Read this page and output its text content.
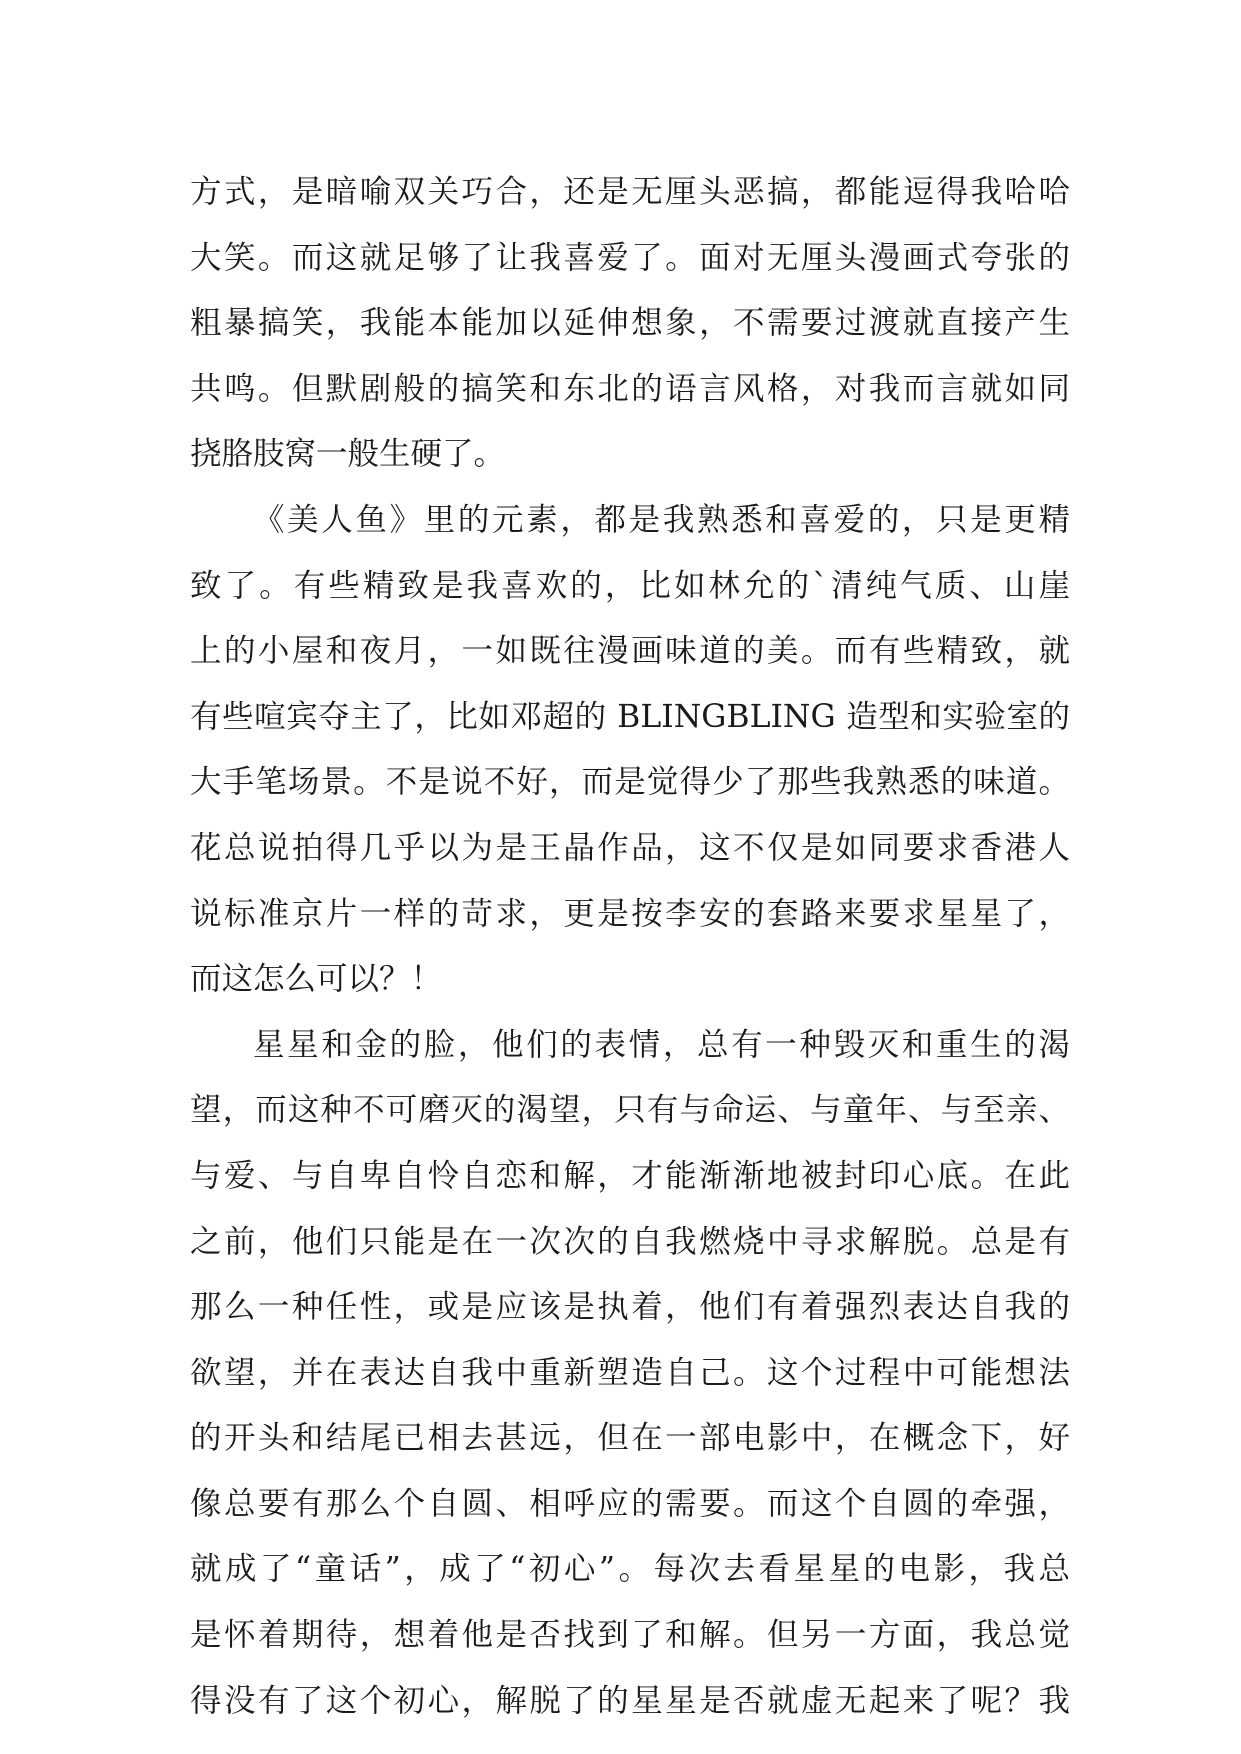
方式，是暗喻双关巧合，还是无厘头恶搞，都能逗得我哈哈
大笑。而这就足够了让我喜爱了。面对无厘头漫画式夸张的
粗暴搞笑，我能本能加以延伸想象，不需要过渡就直接产生
共鸣。但默剧般的搞笑和东北的语言风格，对我而言就如同
挠胳肢窝一般生硬了。
《美人鱼》里的元素，都是我熟悉和喜爱的，只是更精
致了。有些精致是我喜欢的，比如林允的`清纯气质、山崖
上的小屋和夜月，一如既往漫画味道的美。而有些精致，就
有些喧宾夺主了，比如邓超的 BLINGBLING 造型和实验室的
大手笔场景。不是说不好，而是觉得少了那些我熟悉的味道。
花总说拍得几乎以为是王晶作品，这不仅是如同要求香港人
说标准京片一样的苛求，更是按李安的套路来要求星星了，
而这怎么可以？！
星星和金的脸，他们的表情，总有一种毁灭和重生的渴
望，而这种不可磨灭的渴望，只有与命运、与童年、与至亲、
与爱、与自卑自怜自恋和解，才能渐渐地被封印心底。在此
之前，他们只能是在一次次的自我燃烧中寻求解脱。总是有
那么一种任性，或是应该是执着，他们有着强烈表达自我的
欲望，并在表达自我中重新塑造自己。这个过程中可能想法
的开头和结尾已相去甚远，但在一部电影中，在概念下，好
像总要有那么个自圆、相呼应的需要。而这个自圆的牵强，
就成了“童话”，成了“初心”。每次去看星星的电影，我总
是怀着期待，想着他是否找到了和解。但另一方面，我总觉
得没有了这个初心，解脱了的星星是否就虚无起来了呢？我
